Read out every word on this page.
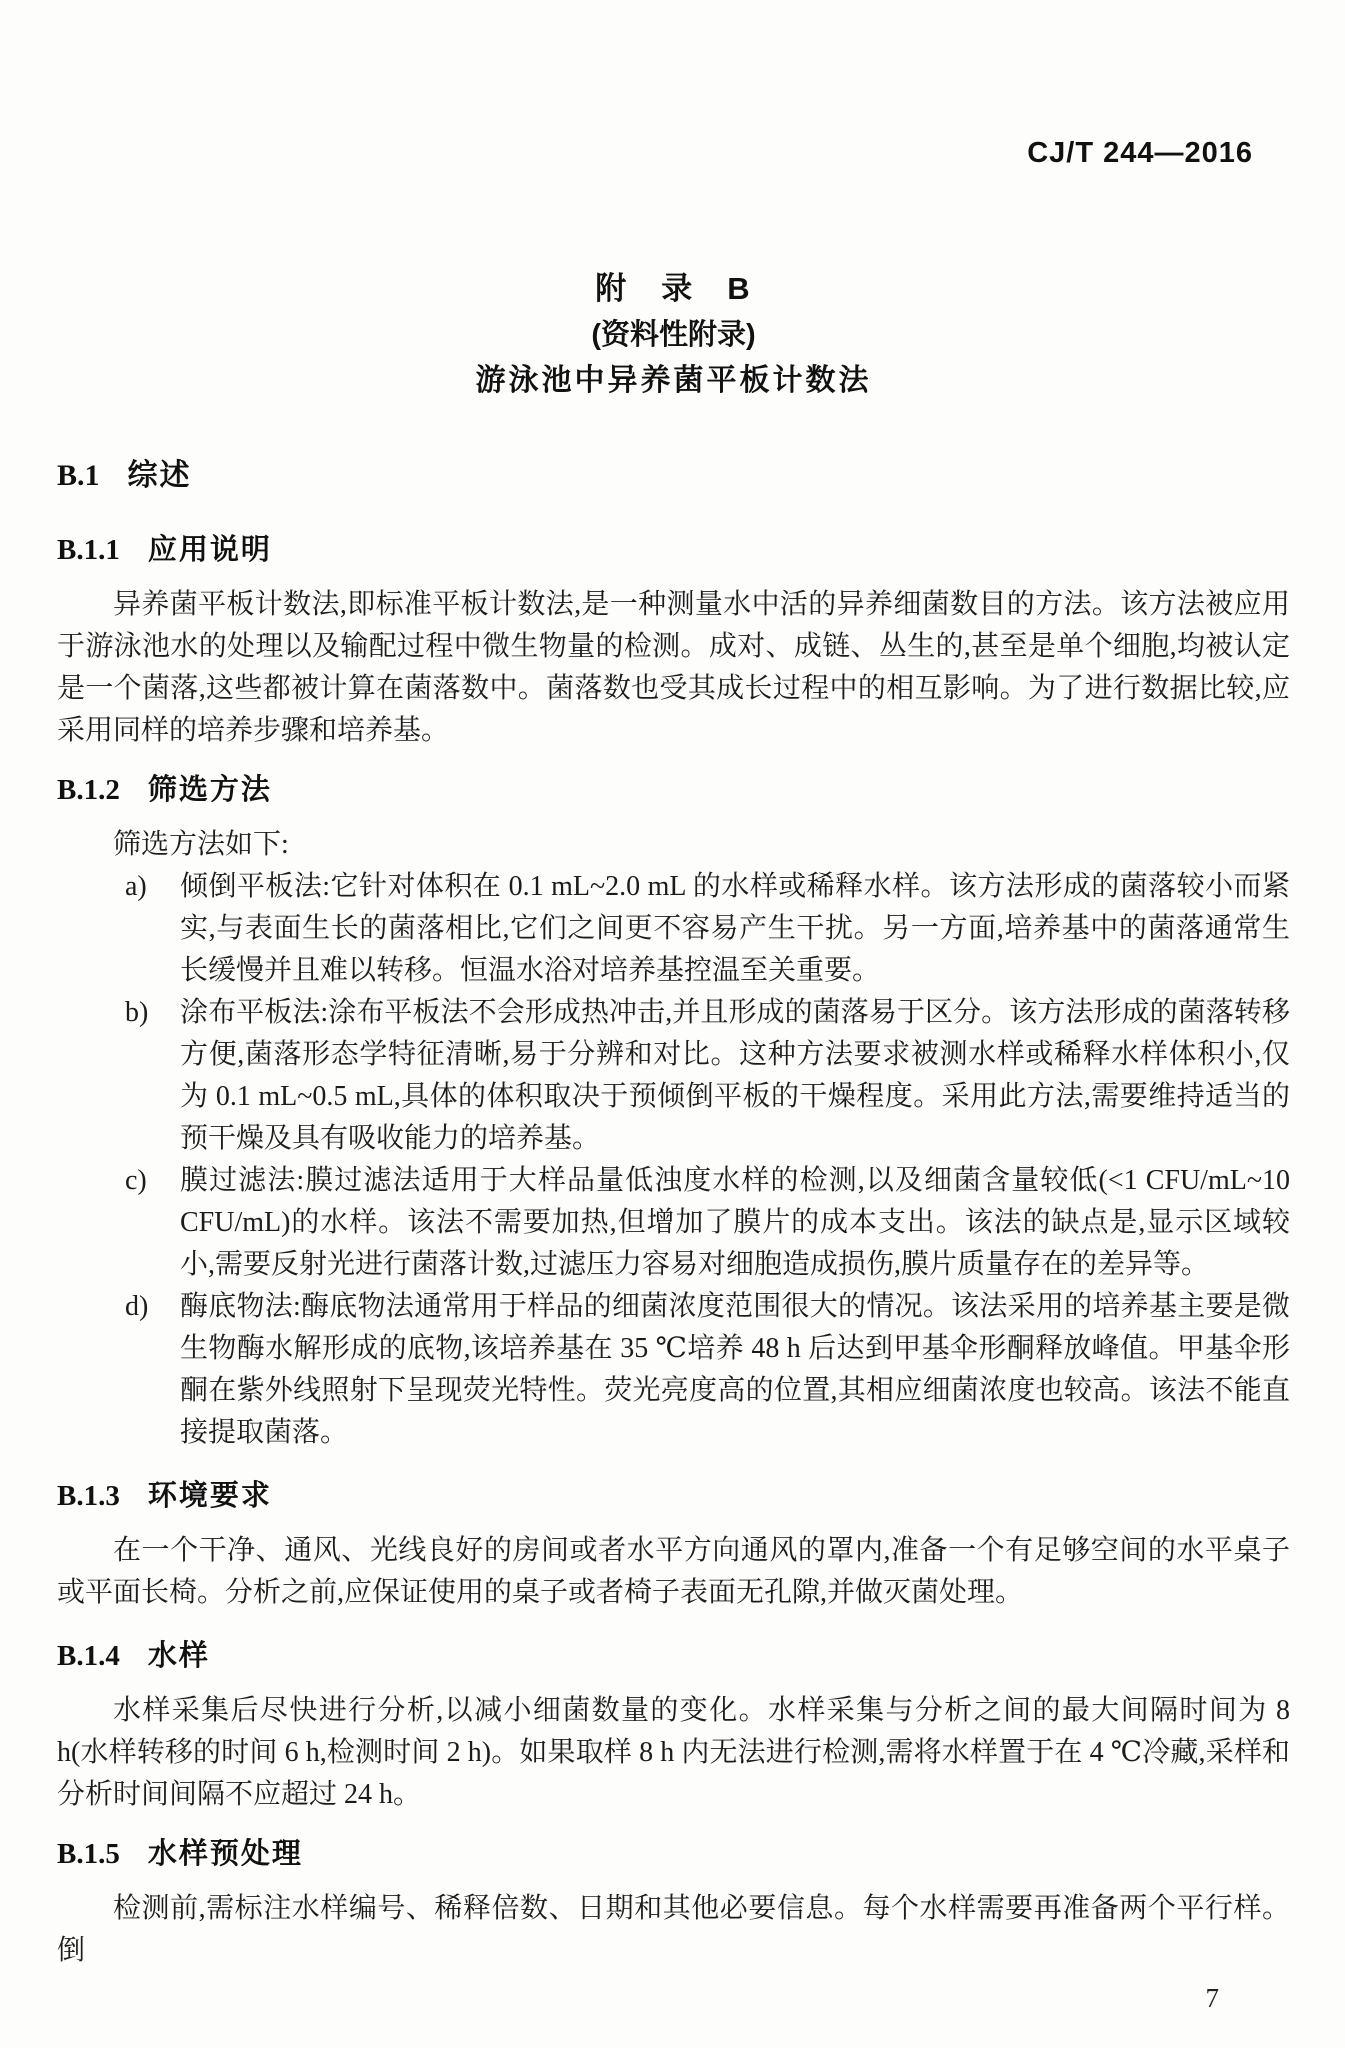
CJ/T 244—2016
附　录　B
(资料性附录)
游泳池中异养菌平板计数法
B.1 综述
B.1.1 应用说明

异养菌平板计数法,即标准平板计数法,是一种测量水中活的异养细菌数目的方法。该方法被应用于游泳池水的处理以及输配过程中微生物量的检测。成对、成链、丛生的,甚至是单个细胞,均被认定是一个菌落,这些都被计算在菌落数中。菌落数也受其成长过程中的相互影响。为了进行数据比较,应采用同样的培养步骤和培养基。

B.1.2 筛选方法

筛选方法如下:

a)	倾倒平板法:它针对体积在 0.1 mL~2.0 mL 的水样或稀释水样。该方法形成的菌落较小而紧实,与表面生长的菌落相比,它们之间更不容易产生干扰。另一方面,培养基中的菌落通常生长缓慢并且难以转移。恒温水浴对培养基控温至关重要。
b)	涂布平板法:涂布平板法不会形成热冲击,并且形成的菌落易于区分。该方法形成的菌落转移方便,菌落形态学特征清晰,易于分辨和对比。这种方法要求被测水样或稀释水样体积小,仅为 0.1 mL~0.5 mL,具体的体积取决于预倾倒平板的干燥程度。采用此方法,需要维持适当的预干燥及具有吸收能力的培养基。
c)	膜过滤法:膜过滤法适用于大样品量低浊度水样的检测,以及细菌含量较低(<1 CFU/mL~10 CFU/mL)的水样。该法不需要加热,但增加了膜片的成本支出。该法的缺点是,显示区域较小,需要反射光进行菌落计数,过滤压力容易对细胞造成损伤,膜片质量存在的差异等。
d)	酶底物法:酶底物法通常用于样品的细菌浓度范围很大的情况。该法采用的培养基主要是微生物酶水解形成的底物,该培养基在 35 ℃培养 48 h 后达到甲基伞形酮释放峰值。甲基伞形酮在紫外线照射下呈现荧光特性。荧光亮度高的位置,其相应细菌浓度也较高。该法不能直接提取菌落。
B.1.3 环境要求

在一个干净、通风、光线良好的房间或者水平方向通风的罩内,准备一个有足够空间的水平桌子或平面长椅。分析之前,应保证使用的桌子或者椅子表面无孔隙,并做灭菌处理。

B.1.4 水样

水样采集后尽快进行分析,以减小细菌数量的变化。水样采集与分析之间的最大间隔时间为 8 h(水样转移的时间 6 h,检测时间 2 h)。如果取样 8 h 内无法进行检测,需将水样置于在 4 ℃冷藏,采样和分析时间间隔不应超过 24 h。

B.1.5 水样预处理

检测前,需标注水样编号、稀释倍数、日期和其他必要信息。每个水样需要再准备两个平行样。倒

7
